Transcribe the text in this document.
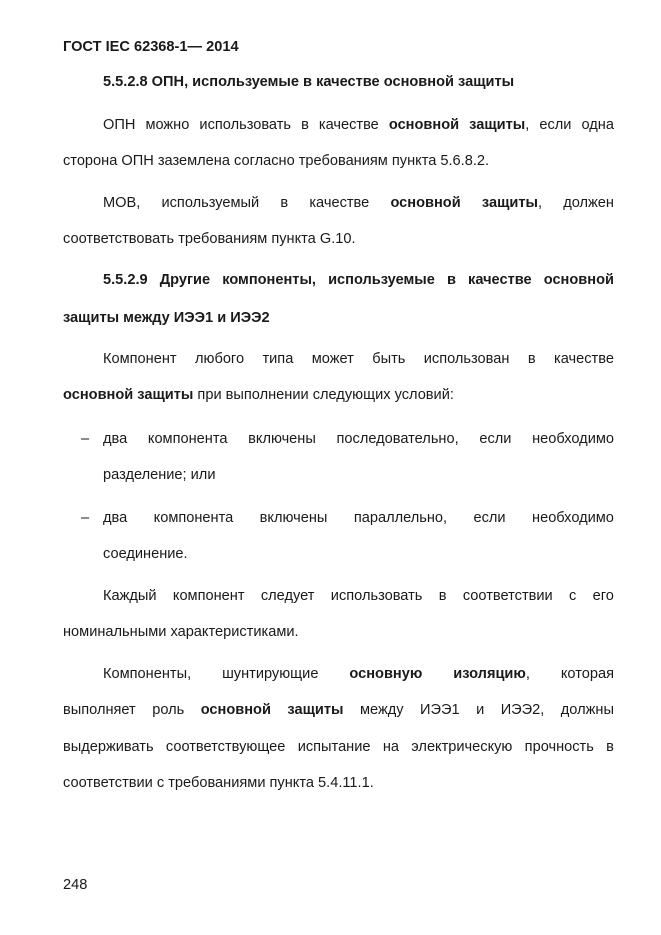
ГОСТ IEC 62368-1— 2014
5.5.2.8 ОПН, используемые в качестве основной защиты
ОПН можно использовать в качестве основной защиты, если одна
сторона ОПН заземлена согласно требованиям пункта 5.6.8.2.
МОВ, используемый в качестве основной защиты, должен
соответствовать требованиям пункта G.10.
5.5.2.9 Другие компоненты, используемые в качестве основной
защиты между ИЭЭ1 и ИЭЭ2
Компонент любого типа может быть использован в качестве
основной защиты при выполнении следующих условий:
– два компонента включены последовательно, если необходимо
разделение; или
– два компонента включены параллельно, если необходимо
соединение.
Каждый компонент следует использовать в соответствии с его
номинальными характеристиками.
Компоненты, шунтирующие основную изоляцию, которая
выполняет роль основной защиты между ИЭЭ1 и ИЭЭ2, должны
выдерживать соответствующее испытание на электрическую прочность в
соответствии с требованиями пункта 5.4.11.1.
248
